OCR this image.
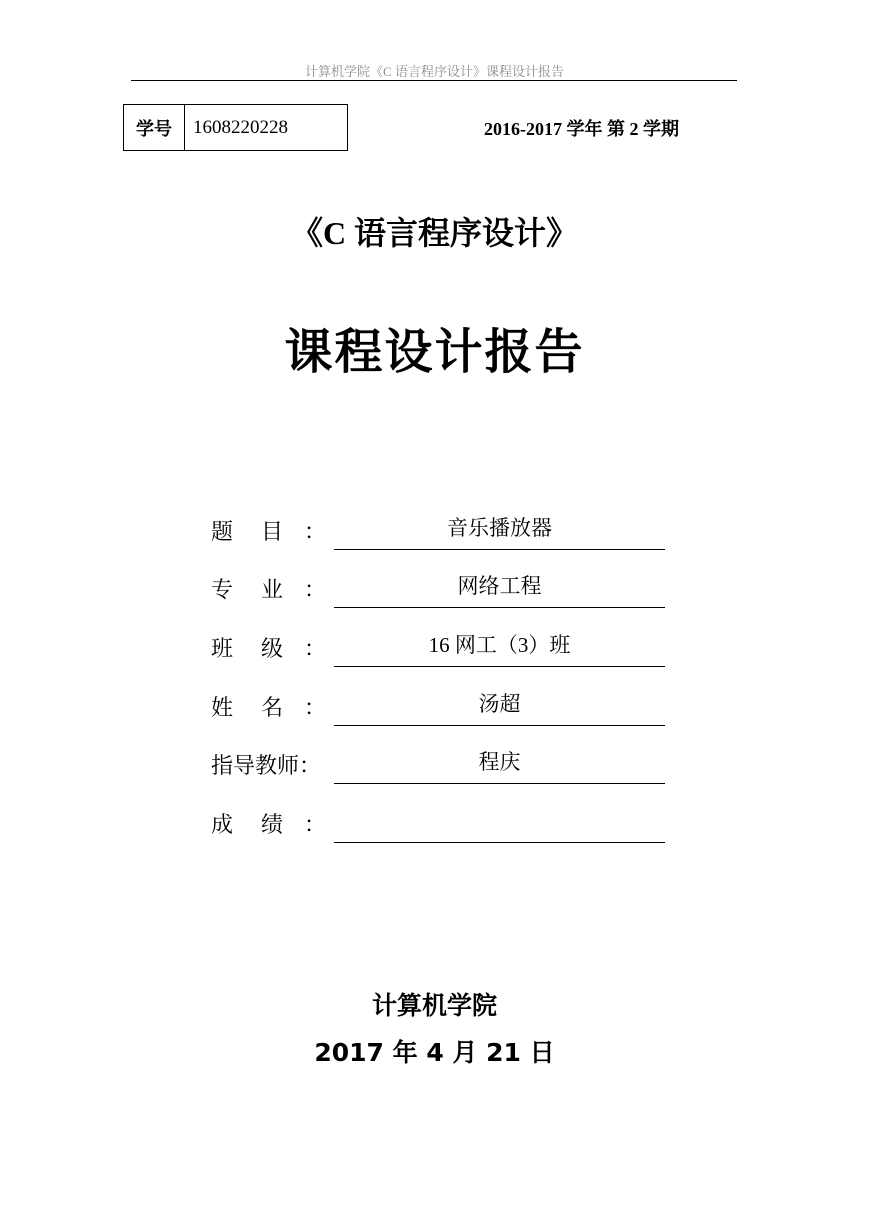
计算机学院《C 语言程序设计》课程设计报告
学号	1608220228	2016-2017 学年 第 2 学期
《C 语言程序设计》
课程设计报告
题    目   ：	音乐播放器
专    业   ：	网络工程
班    级   ：	16 网工（3）班
姓    名   ：	汤超
指导教师：	程庆
成    绩   ：
计算机学院
2017 年 4 月 21 日
